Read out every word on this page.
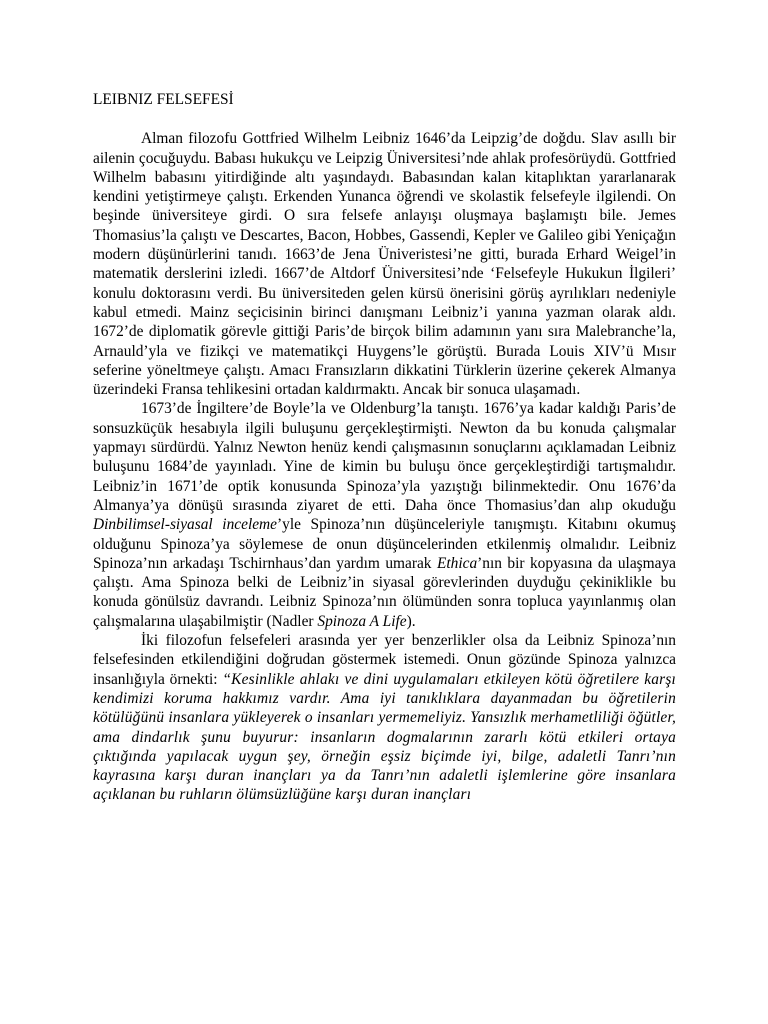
LEIBNIZ FELSEFESİ

Alman filozofu Gottfried Wilhelm Leibniz 1646’da Leipzig’de doğdu. Slav asıllı bir ailenin çocuğuydu. Babası hukukçu ve Leipzig Üniversitesi’nde ahlak profesörüydü. Gottfried Wilhelm babasını yitirdiğinde altı yaşındaydı. Babasından kalan kitaplıktan yararlanarak kendini yetiştirmeye çalıştı. Erkenden Yunanca öğrendi ve skolastik felsefeyle ilgilendi. On beşinde üniversiteye girdi. O sıra felsefe anlayışı oluşmaya başlamıştı bile. Jemes Thomasius’la çalıştı ve Descartes, Bacon, Hobbes, Gassendi, Kepler ve Galileo gibi Yeniçağın modern düşünürlerini tanıdı. 1663’de Jena Üniveristesi’ne gitti, burada Erhard Weigel’in matematik derslerini izledi. 1667’de Altdorf Üniversitesi’nde ‘Felsefeyle Hukukun İlgileri’ konulu doktorasını verdi. Bu üniversiteden gelen kürsü önerisini görüş ayrılıkları nedeniyle kabul etmedi. Mainz seçicisinin birinci danışmanı Leibniz’i yanına yazman olarak aldı. 1672’de diplomatik görevle gittiği Paris’de birçok bilim adamının yanı sıra Malebranche’la, Arnauld’yla ve fizikçi ve matematikçi Huygens’le görüştü. Burada Louis XIV’ü Mısır seferine yöneltmeye çalıştı. Amacı Fransızların dikkatini Türklerin üzerine çekerek Almanya üzerindeki Fransa tehlikesini ortadan kaldırmaktı. Ancak bir sonuca ulaşamadı.

1673’de İngiltere’de Boyle’la ve Oldenburg’la tanıştı. 1676’ya kadar kaldığı Paris’de sonsuzküçük hesabıyla ilgili buluşunu gerçekleştirmişti. Newton da bu konuda çalışmalar yapmayı sürdürdü. Yalnız Newton henüz kendi çalışmasının sonuçlarını açıklamadan Leibniz buluşunu 1684’de yayınladı. Yine de kimin bu buluşu önce gerçekleştirdiği tartışmalıdır. Leibniz’in 1671’de optik konusunda Spinoza’yla yazıştığı bilinmektedir. Onu 1676’da Almanya’ya dönüşü sırasında ziyaret de etti. Daha önce Thomasius’dan alıp okuduğu Dinbilimsel-siyasal inceleme’yle Spinoza’nın düşünceleriyle tanışmıştı. Kitabını okumuş olduğunu Spinoza’ya söylemese de onun düşüncelerinden etkilenmiş olmalıdır. Leibniz Spinoza’nın arkadaşı Tschirnhaus’dan yardım umarak Ethica’nın bir kopyasına da ulaşmaya çalıştı. Ama Spinoza belki de Leibniz’in siyasal görevlerinden duyduğu çekiniklikle bu konuda gönülsüz davrandı. Leibniz Spinoza’nın ölümünden sonra topluca yayınlanmış olan çalışmalarına ulaşabilmiştir (Nadler Spinoza A Life).

İki filozofun felsefeleri arasında yer yer benzerlikler olsa da Leibniz Spinoza’nın felsefesinden etkilendiğini doğrudan göstermek istemedi. Onun gözünde Spinoza yalnızca insanlığıyla örnekti: “Kesinlikle ahlakı ve dini uygulamaları etkileyen kötü öğretilere karşı kendimizi koruma hakkımız vardır. Ama iyi tanıklıklara dayanmadan bu öğretilerin kötülüğünü insanlara yükleyerek o insanları yermemeliyiz. Yansızlık merhametliliği öğütler, ama dindarlık şunu buyurur: insanların dogmalarının zararlı kötü etkileri ortaya çıktığında yapılacak uygun şey, örneğin eşsiz biçimde iyi, bilge, adaletli Tanrı’nın kayrasına karşı duran inançları ya da Tanrı’nın adaletli işlemlerine göre insanlara açıklanan bu ruhların ölümsüzlüğüne karşı duran inançları
